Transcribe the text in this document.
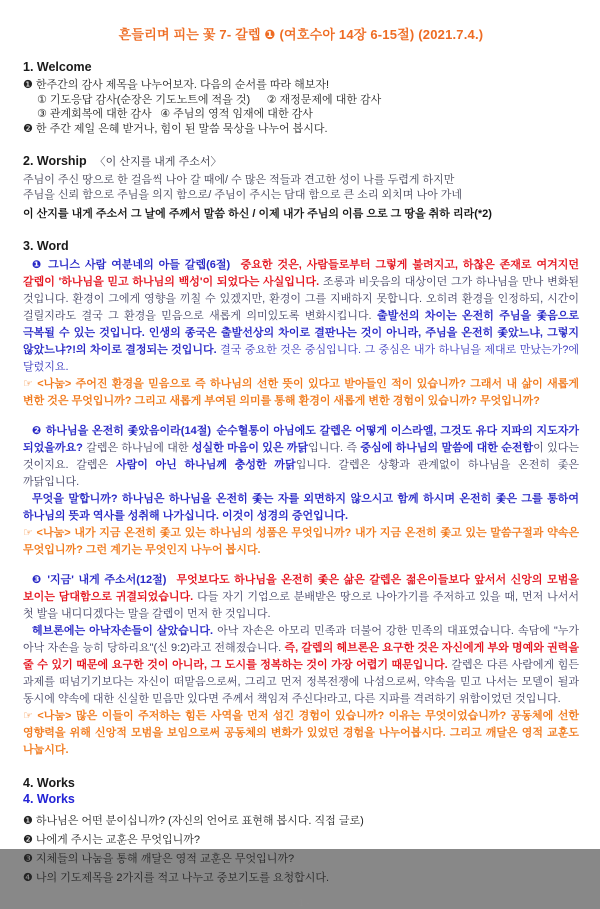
흔들리며 피는 꽃 7- 갈렙 ❶ (여호수아 14장 6-15절) (2021.7.4.)
1. Welcome

❶ 한주간의 감사 제목을 나누어보자. 다음의 순서를 따라 해보자!

① 기도응답 감사(순장은 기도노트에 적을 것)  ② 재정문제에 대한 감사

③ 관계회복에 대한 감사  ④ 주님의 영적 임재에 대한 감사

❷ 한 주간 제일 은혜 받거나, 힘이 된 말씀 묵상을 나누어 봅시다.

2. Worship 〈이 산지를 내게 주소서〉

주님이 주신 땅으로 한 걸음씩 나아 갈 때에/ 수 많은 적들과 견고한 성이 나를 두렵게 하지만

주님을 신뢰 함으로 주님을 의지 함으로/ 주님이 주시는 담대 함으로 큰 소리 외치며 나아 가네

이 산지를 내게 주소서 그 날에 주께서 말씀 하신 / 이제 내가 주님의 이름 으로 그 땅을 취하 리라(*2)

3. Word

❶ 그니스 사람 여분네의 아들 갈렙(6절)  중요한 것은, 사람들로부터 그렇게 불려지고, 하찮은 존재로 여겨지던 갈렙이 '하나님을 믿고 하나님의 백성'이 되었다는 사실입니다. 조롱과 비웃음의 대상이던 그가 하나님을 만나 변화된 것입니다. 환경이 그에게 영향을 끼칠 수 있겠지만, 환경이 그를 지배하지 못합니다. 오히려 환경을 인정하되, 시간이 걸릴지라도 결국 그 환경을 믿음으로 새롭게 의미있도록 변화시킵니다. 출발선의 차이는 온전히 주님을 좇음으로 극복될 수 있는 것입니다. 인생의 종국은 출발선상의 차이로 결판나는 것이 아니라, 주님을 온전히 좇았느냐, 그렇지 않았느냐?!의 차이로 결정되는 것입니다. 결국 중요한 것은 중심입니다. 그 중심은 내가 하나님을 제대로 만났는가?에 달렸지요.

☞ <나눔> 주어진 환경을 믿음으로 즉 하나님의 선한 뜻이 있다고 받아들인 적이 있습니까? 그래서 내 삶이 새롭게 변한 것은 무엇입니까? 그리고 새롭게 부여된 의미를 통해 환경이 새롭게 변한 경험이 있습니까? 무엇입니까?

❷ 하나님을 온전히 좇았음이라(14절) 순수혈통이 아님에도 갈렙은 어떻게 이스라엘, 그것도 유다 지파의 지도자가 되었을까요? 갈렙은 하나님에 대한 성실한 마음이 있은 까닭입니다. 즉 중심에 하나님의 말씀에 대한 순전함이 있다는 것이지요. 갈렙은 사람이 아닌 하나님께 충성한 까닭입니다. 갈렙은 상황과 관계없이 하나님을 온전히 좇은 까닭입니다.

무엇을 말합니까? 하나님은 하나님을 온전히 좇는 자를 외면하지 않으시고 함께 하시며 온전히 좇은 그를 통하여 하나님의 뜻과 역사를 성취해 나가십니다. 이것이 성경의 증언입니다.

☞ <나눔> 내가 지금 온전히 좇고 있는 하나님의 성품은 무엇입니까? 내가 지금 온전히 좇고 있는 말씀구절과 약속은 무엇입니까? 그런 계기는 무엇인지 나누어 봅시다.

❸ '지금' 내게 주소서(12절)  무엇보다도 하나님을 온전히 좇은 삶은 갈렙은 젊은이들보다 앞서서 신앙의 모범을 보이는 담대함으로 귀결되었습니다. 다들 자기 기업으로 분배받은 땅으로 나아가기를 주저하고 있을 때, 먼저 나서서 첫 발을 내디디겠다는 말을 갈렙이 먼저 한 것입니다.

헤브론에는 아낙자손들이 살았습니다. 아낙 자손은 아모리 민족과 더불어 강한 민족의 대표였습니다. 속담에 "누가 아낙 자손을 능히 당하리요"(신 9:2)라고 전해졌습니다. 즉, 갈렙의 헤브론은 요구한 것은 자신에게 부와 명예와 권력을 줄 수 있기 때문에 요구한 것이 아니라, 그 도시를 정복하는 것이 가장 어렵기 때문입니다. 갈렙은 다른 사람에게 힘든 과제를 떠넘기기보다는 자신이 떠맡음으로써, 그리고 먼저 정복전쟁에 나섬으로써, 약속을 믿고 나서는 모델이 될과 동시에 약속에 대한 신실한 믿음만 있다면 주께서 책임져 주신다!라고, 다른 지파를 격려하기 위함이었던 것입니다.

☞ <나눔> 많은 이들이 주저하는 힘든 사역을 먼저 섬긴 경험이 있습니까? 이유는 무엇이었습니까? 공동체에 선한 영향력을 위해 신앙적 모범을 보임으로써 공동체의 변화가 있었던 경험을 나누어봅시다. 그리고 깨달은 영적 교훈도 나눕시다.

4. Works
4. Works

❶ 하나님은 어떤 분이십니까? (자신의 언어로 표현해 봅시다. 직접 글로)

❷ 나에게 주시는 교훈은 무엇입니까?

❸ 지체들의 나눔을 통해 깨달은 영적 교훈은 무엇입니까?

❹ 나의 기도제목을 2가지를 적고 나누고 중보기도를 요청합시다.

- 1 -
